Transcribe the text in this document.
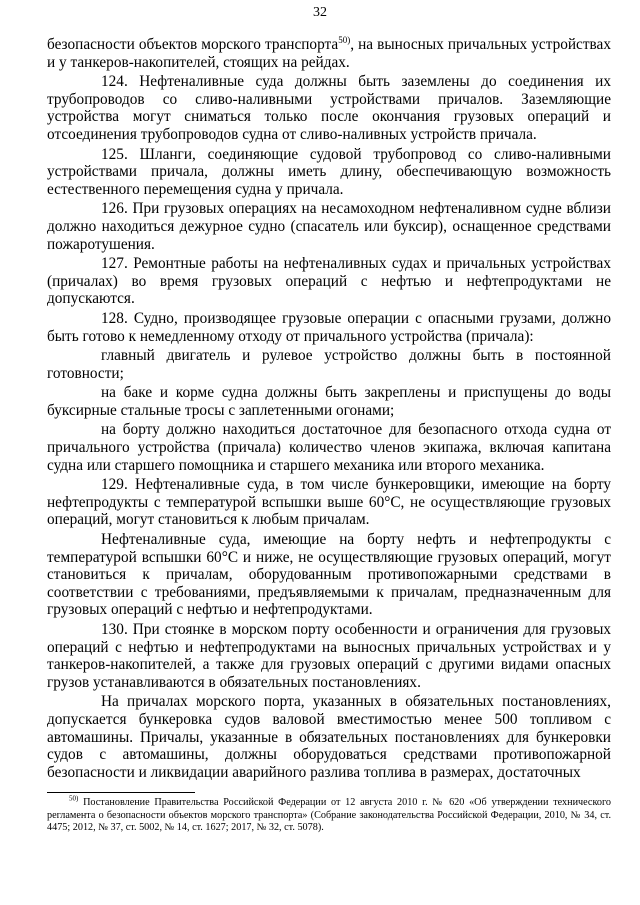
32

безопасности объектов морского транспорта$^{50)}$, на выносных причальных устройствах и у танкеров-накопителей, стоящих на рейдах.

124. Нефтеналивные суда должны быть заземлены до соединения их трубопроводов со сливо-наливными устройствами причалов. Заземляющие устройства могут сниматься только после окончания грузовых операций и отсоединения трубопроводов судна от сливо-наливных устройств причала.

125. Шланги, соединяющие судовой трубопровод со сливо-наливными устройствами причала, должны иметь длину, обеспечивающую возможность естественного перемещения судна у причала.

126. При грузовых операциях на несамоходном нефтеналивном судне вблизи должно находиться дежурное судно (спасатель или буксир), оснащенное средствами пожаротушения.

127. Ремонтные работы на нефтеналивных судах и причальных устройствах (причалах) во время грузовых операций с нефтью и нефтепродуктами не допускаются.

128. Судно, производящее грузовые операции с опасными грузами, должно быть готово к немедленному отходу от причального устройства (причала):

главный двигатель и рулевое устройство должны быть в постоянной готовности;

на баке и корме судна должны быть закреплены и приспущены до воды буксирные стальные тросы с заплетенными огонами;

на борту должно находиться достаточное для безопасного отхода судна от причального устройства (причала) количество членов экипажа, включая капитана судна или старшего помощника и старшего механика или второго механика.

129. Нефтеналивные суда, в том числе бункеровщики, имеющие на борту нефтепродукты с температурой вспышки выше 60°C, не осуществляющие грузовых операций, могут становиться к любым причалам.

Нефтеналивные суда, имеющие на борту нефть и нефтепродукты с температурой вспышки 60°C и ниже, не осуществляющие грузовых операций, могут становиться к причалам, оборудованным противопожарными средствами в соответствии с требованиями, предъявляемыми к причалам, предназначенным для грузовых операций с нефтью и нефтепродуктами.

130. При стоянке в морском порту особенности и ограничения для грузовых операций с нефтью и нефтепродуктами на выносных причальных устройствах и у танкеров-накопителей, а также для грузовых операций с другими видами опасных грузов устанавливаются в обязательных постановлениях.

На причалах морского порта, указанных в обязательных постановлениях, допускается бункеровка судов валовой вместимостью менее 500 топливом с автомашины. Причалы, указанные в обязательных постановлениях для бункеровки судов с автомашины, должны оборудоваться средствами противопожарной безопасности и ликвидации аварийного разлива топлива в размерах, достаточных

$^{50)}$ Постановление Правительства Российской Федерации от 12 августа 2010 г. № 620 «Об утверждении технического регламента о безопасности объектов морского транспорта» (Собрание законодательства Российской Федерации, 2010, № 34, ст. 4475; 2012, № 37, ст. 5002, № 14, ст. 1627; 2017, № 32, ст. 5078).
